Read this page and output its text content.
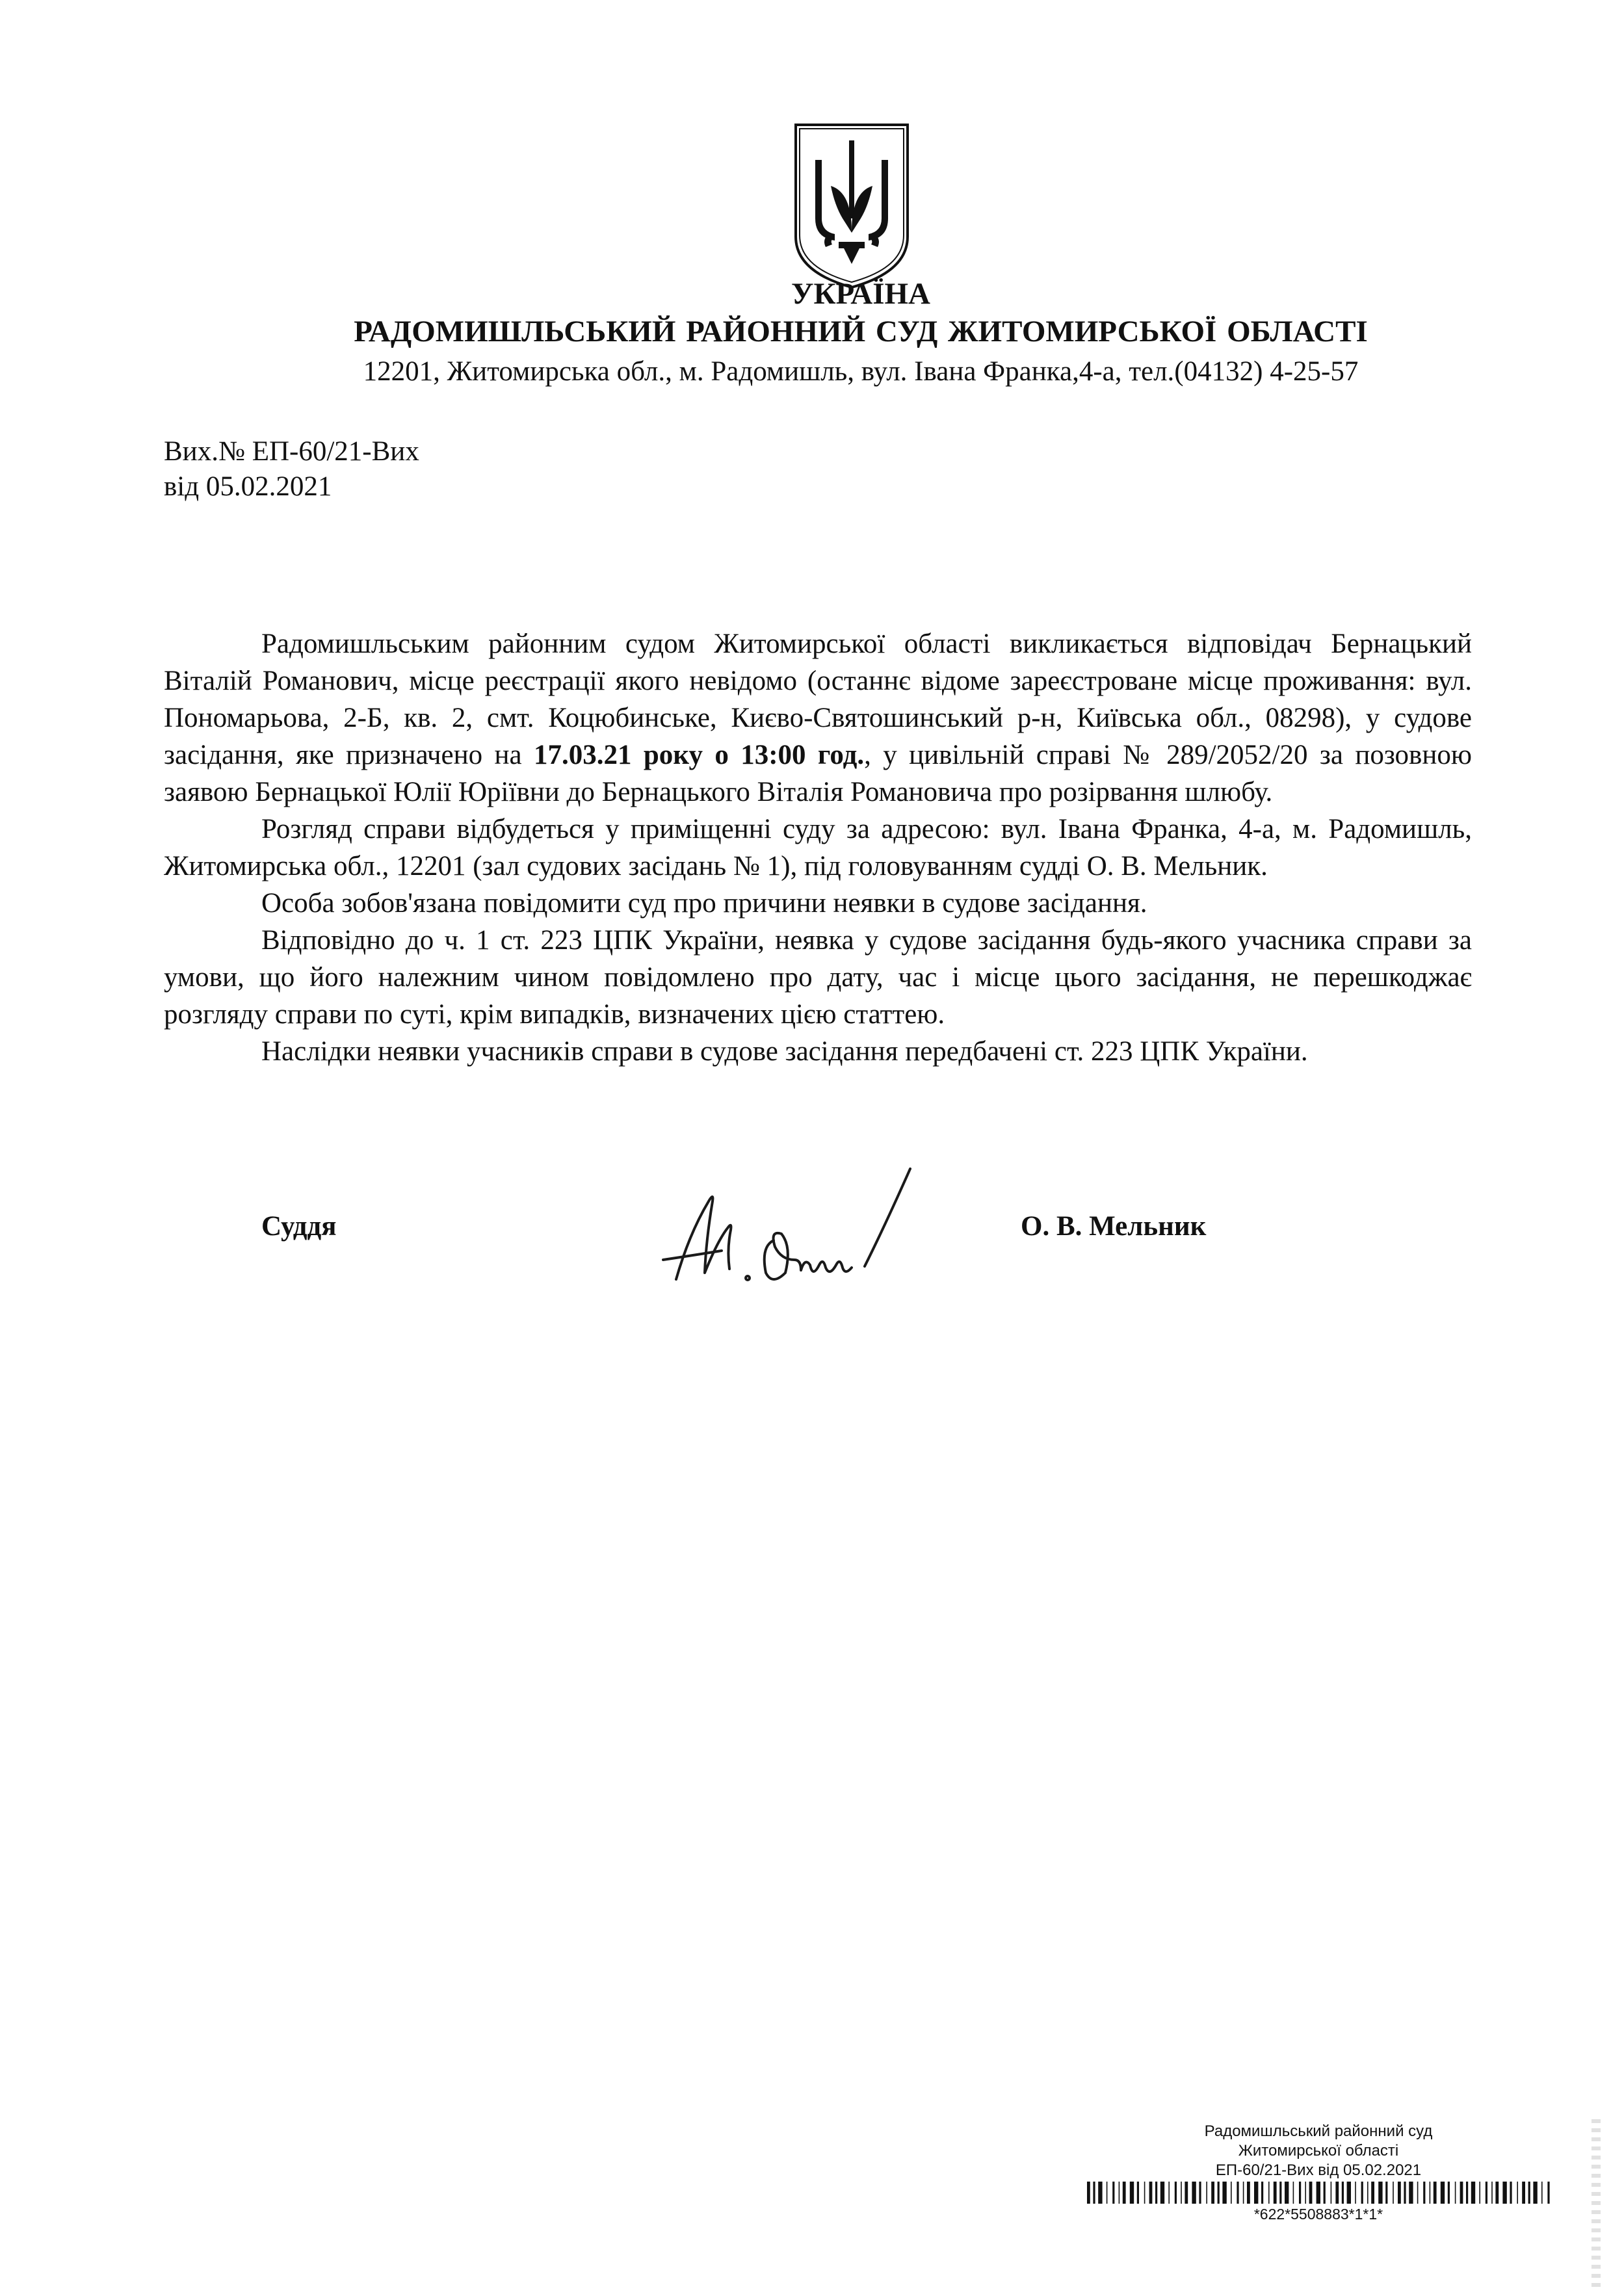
УКРАЇНА
РАДОМИШЛЬСЬКИЙ РАЙОННИЙ СУД ЖИТОМИРСЬКОЇ ОБЛАСТІ
12201, Житомирська обл., м. Радомишль, вул. Івана Франка,4-а, тел.(04132) 4-25-57
Вих.№ ЕП-60/21-Вих
від 05.02.2021

Радомишльським районним судом Житомирської області викликається відповідач Бернацький Віталій Романович, місце реєстрації якого невідомо (останнє відоме зареєстроване місце проживання: вул. Пономарьова, 2-Б, кв. 2, смт. Коцюбинське, Києво-Святошинський р-н, Київська обл., 08298), у судове засідання, яке призначено на 17.03.21 року о 13:00 год., у цивільній справі № 289/2052/20 за позовною заявою Бернацької Юлії Юріївни до Бернацького Віталія Романовича про розірвання шлюбу.

Розгляд справи відбудеться у приміщенні суду за адресою: вул. Івана Франка, 4-а, м. Радомишль, Житомирська обл., 12201 (зал судових засідань № 1), під головуванням судді О. В. Мельник.

Особа зобов'язана повідомити суд про причини неявки в судове засідання.

Відповідно до ч. 1 ст. 223 ЦПК України, неявка у судове засідання будь-якого учасника справи за умови, що його належним чином повідомлено про дату, час і місце цього засідання, не перешкоджає розгляду справи по суті, крім випадків, визначених цією статтею.

Наслідки неявки учасників справи в судове засідання передбачені ст. 223 ЦПК України.

Суддя	О. В. Мельник
Радомишльський районний суд
Житомирської області
ЕП-60/21-Вих від 05.02.2021
*622*5508883*1*1*
